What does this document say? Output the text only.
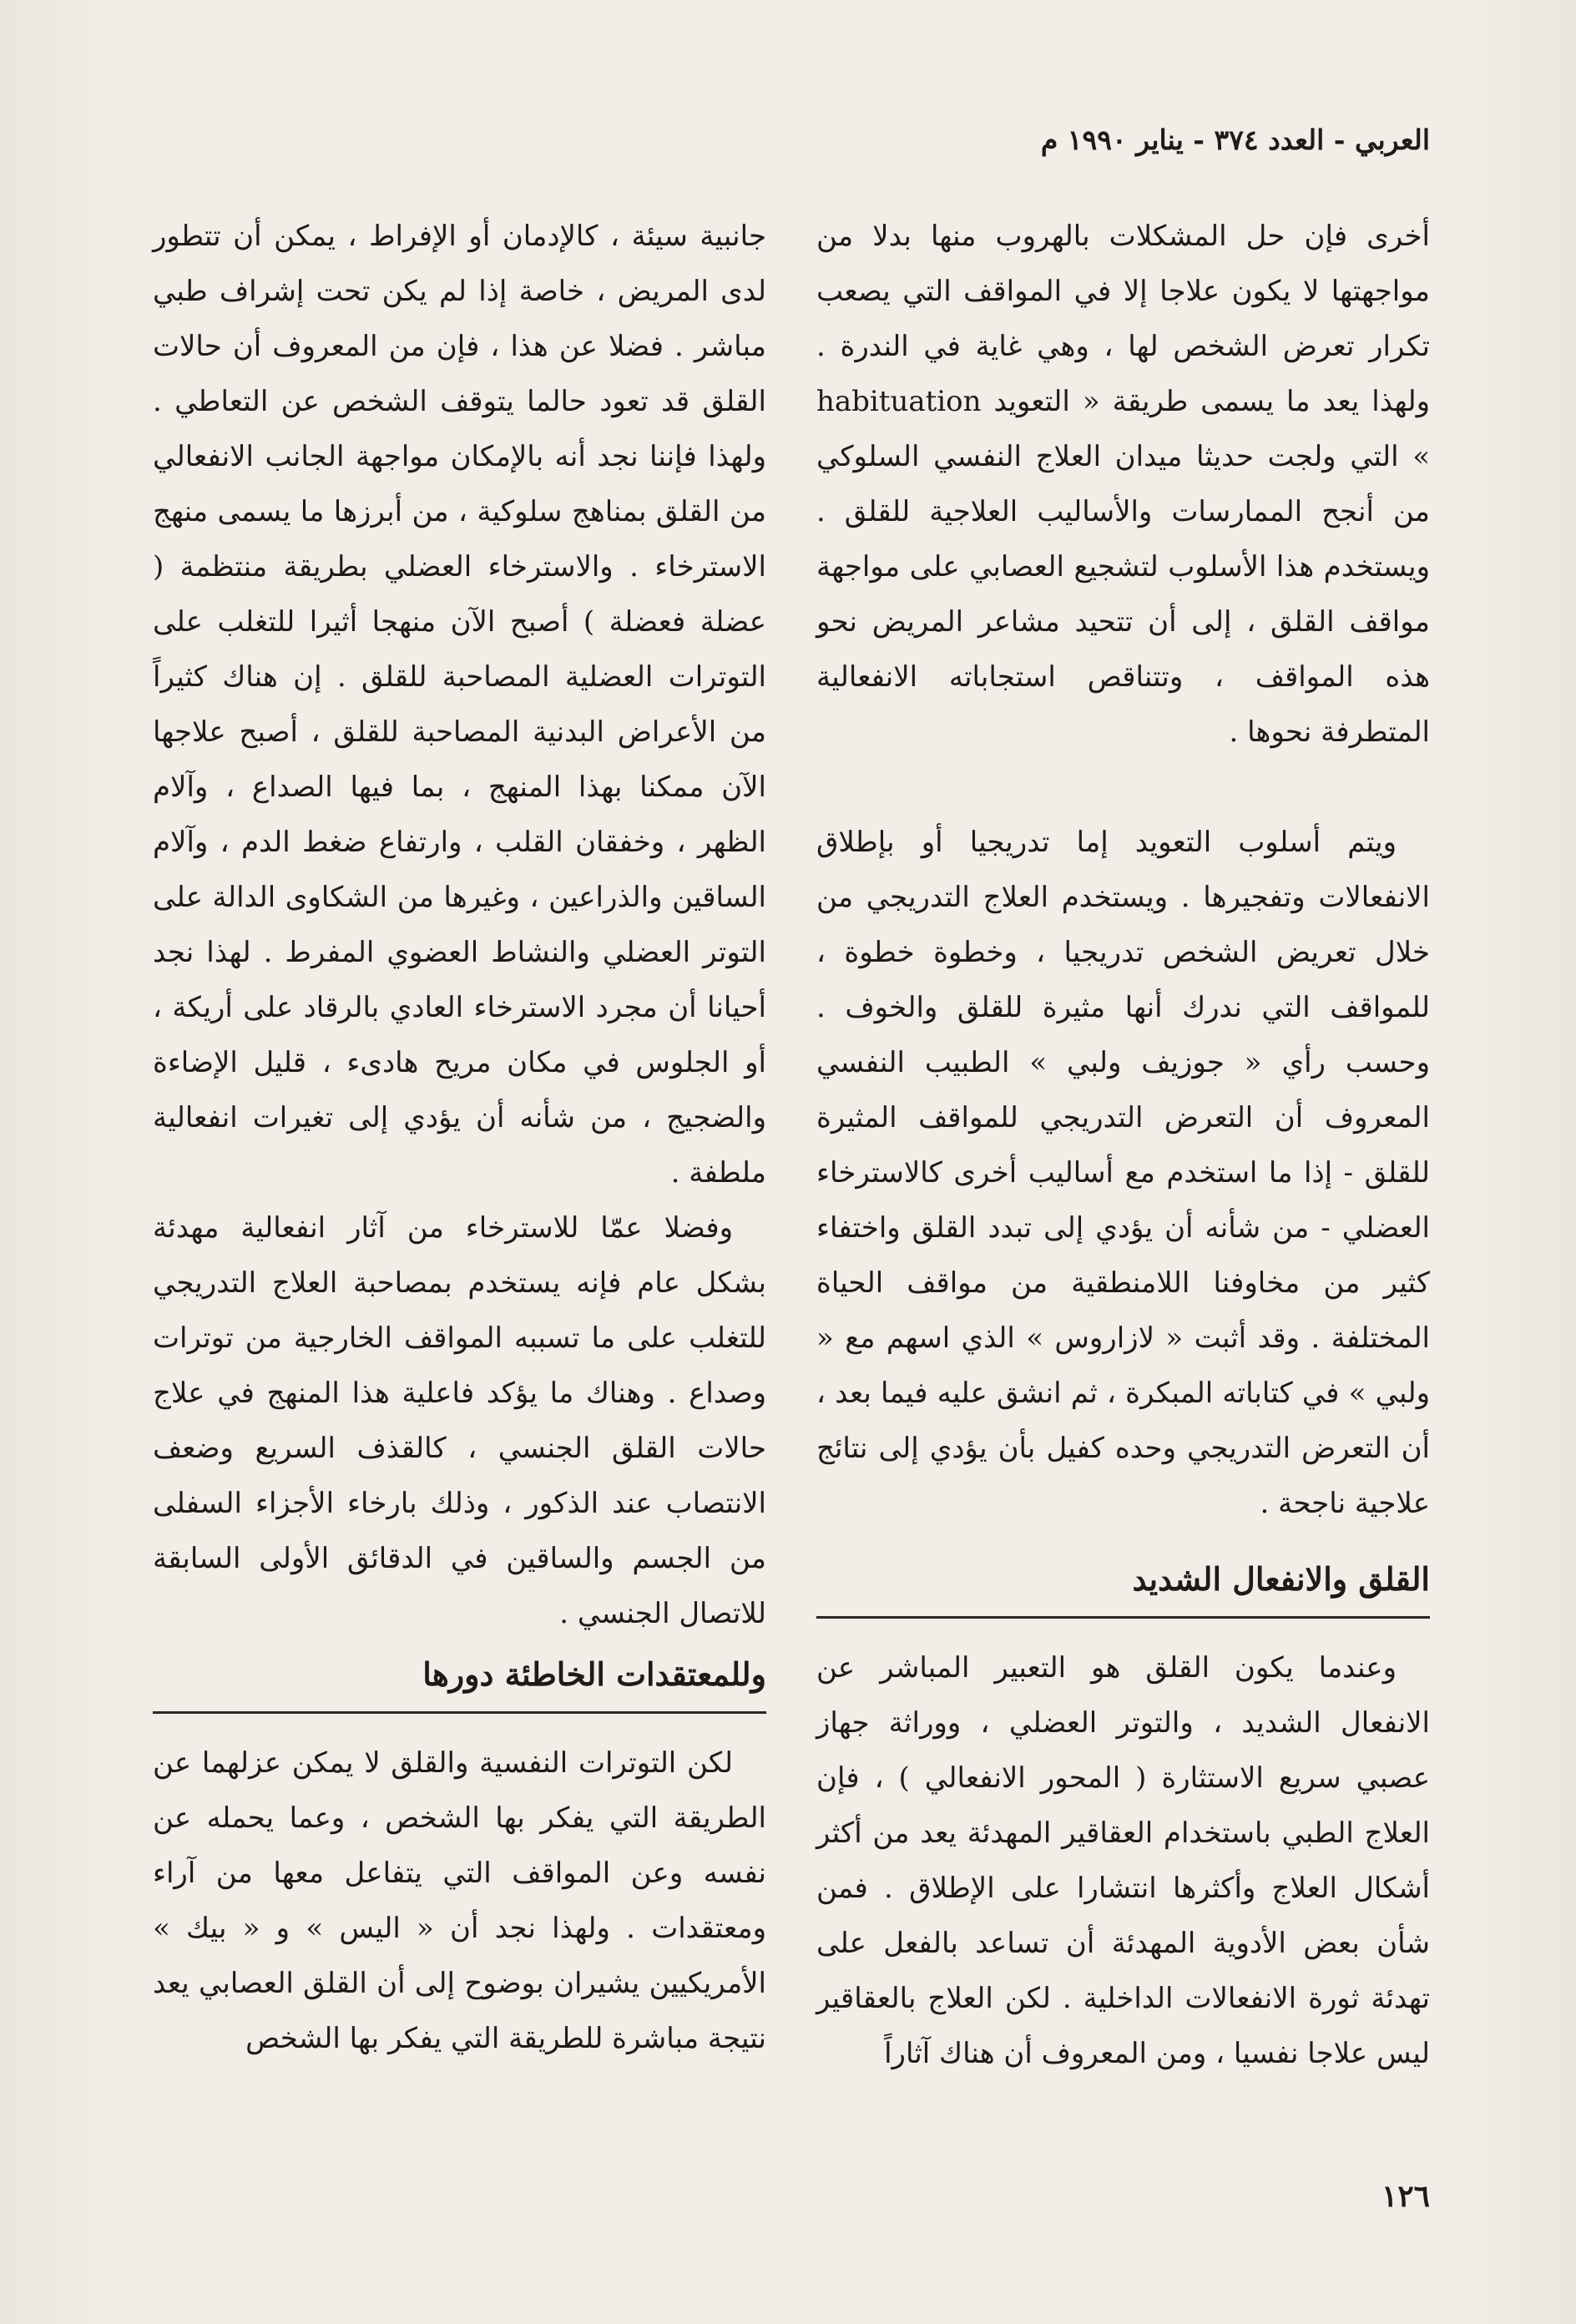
العربي - العدد ٣٧٤ - يناير ١٩٩٠ م

أخرى فإن حل المشكلات بالهروب منها بدلا من مواجهتها لا يكون علاجا إلا في المواقف التي يصعب تكرار تعرض الشخص لها ، وهي غاية في الندرة . ولهذا يعد ما يسمى طريقة « التعويد habituation » التي ولجت حديثا ميدان العلاج النفسي السلوكي من أنجح الممارسات والأساليب العلاجية للقلق . ويستخدم هذا الأسلوب لتشجيع العصابي على مواجهة مواقف القلق ، إلى أن تتحيد مشاعر المريض نحو هذه المواقف ، وتتناقص استجاباته الانفعالية المتطرفة نحوها .

ويتم أسلوب التعويد إما تدريجيا أو بإطلاق الانفعالات وتفجيرها . ويستخدم العلاج التدريجي من خلال تعريض الشخص تدريجيا ، وخطوة خطوة ، للمواقف التي ندرك أنها مثيرة للقلق والخوف . وحسب رأي « جوزيف ولبي » الطبيب النفسي المعروف أن التعرض التدريجي للمواقف المثيرة للقلق - إذا ما استخدم مع أساليب أخرى كالاسترخاء العضلي - من شأنه أن يؤدي إلى تبدد القلق واختفاء كثير من مخاوفنا اللامنطقية من مواقف الحياة المختلفة . وقد أثبت « لازاروس » الذي اسهم مع « ولبي » في كتاباته المبكرة ، ثم انشق عليه فيما بعد ، أن التعرض التدريجي وحده كفيل بأن يؤدي إلى نتائج علاجية ناجحة .

القلق والانفعال الشديد

وعندما يكون القلق هو التعبير المباشر عن الانفعال الشديد ، والتوتر العضلي ، ووراثة جهاز عصبي سريع الاستثارة ( المحور الانفعالي ) ، فإن العلاج الطبي باستخدام العقاقير المهدئة يعد من أكثر أشكال العلاج وأكثرها انتشارا على الإطلاق . فمن شأن بعض الأدوية المهدئة أن تساعد بالفعل على تهدئة ثورة الانفعالات الداخلية . لكن العلاج بالعقاقير ليس علاجا نفسيا ، ومن المعروف أن هناك آثاراً

جانبية سيئة ، كالإدمان أو الإفراط ، يمكن أن تتطور لدى المريض ، خاصة إذا لم يكن تحت إشراف طبي مباشر . فضلا عن هذا ، فإن من المعروف أن حالات القلق قد تعود حالما يتوقف الشخص عن التعاطي . ولهذا فإننا نجد أنه بالإمكان مواجهة الجانب الانفعالي من القلق بمناهج سلوكية ، من أبرزها ما يسمى منهج الاسترخاء . والاسترخاء العضلي بطريقة منتظمة ( عضلة فعضلة ) أصبح الآن منهجا أثيرا للتغلب على التوترات العضلية المصاحبة للقلق . إن هناك كثيراً من الأعراض البدنية المصاحبة للقلق ، أصبح علاجها الآن ممكنا بهذا المنهج ، بما فيها الصداع ، وآلام الظهر ، وخفقان القلب ، وارتفاع ضغط الدم ، وآلام الساقين والذراعين ، وغيرها من الشكاوى الدالة على التوتر العضلي والنشاط العضوي المفرط . لهذا نجد أحيانا أن مجرد الاسترخاء العادي بالرقاد على أريكة ، أو الجلوس في مكان مريح هادىء ، قليل الإضاءة والضجيج ، من شأنه أن يؤدي إلى تغيرات انفعالية ملطفة .

وفضلا عمّا للاسترخاء من آثار انفعالية مهدئة بشكل عام فإنه يستخدم بمصاحبة العلاج التدريجي للتغلب على ما تسببه المواقف الخارجية من توترات وصداع . وهناك ما يؤكد فاعلية هذا المنهج في علاج حالات القلق الجنسي ، كالقذف السريع وضعف الانتصاب عند الذكور ، وذلك بارخاء الأجزاء السفلى من الجسم والساقين في الدقائق الأولى السابقة للاتصال الجنسي .

وللمعتقدات الخاطئة دورها

لكن التوترات النفسية والقلق لا يمكن عزلهما عن الطريقة التي يفكر بها الشخص ، وعما يحمله عن نفسه وعن المواقف التي يتفاعل معها من آراء ومعتقدات . ولهذا نجد أن « اليس » و « بيك » الأمريكيين يشيران بوضوح إلى أن القلق العصابي يعد نتيجة مباشرة للطريقة التي يفكر بها الشخص

١٢٦
